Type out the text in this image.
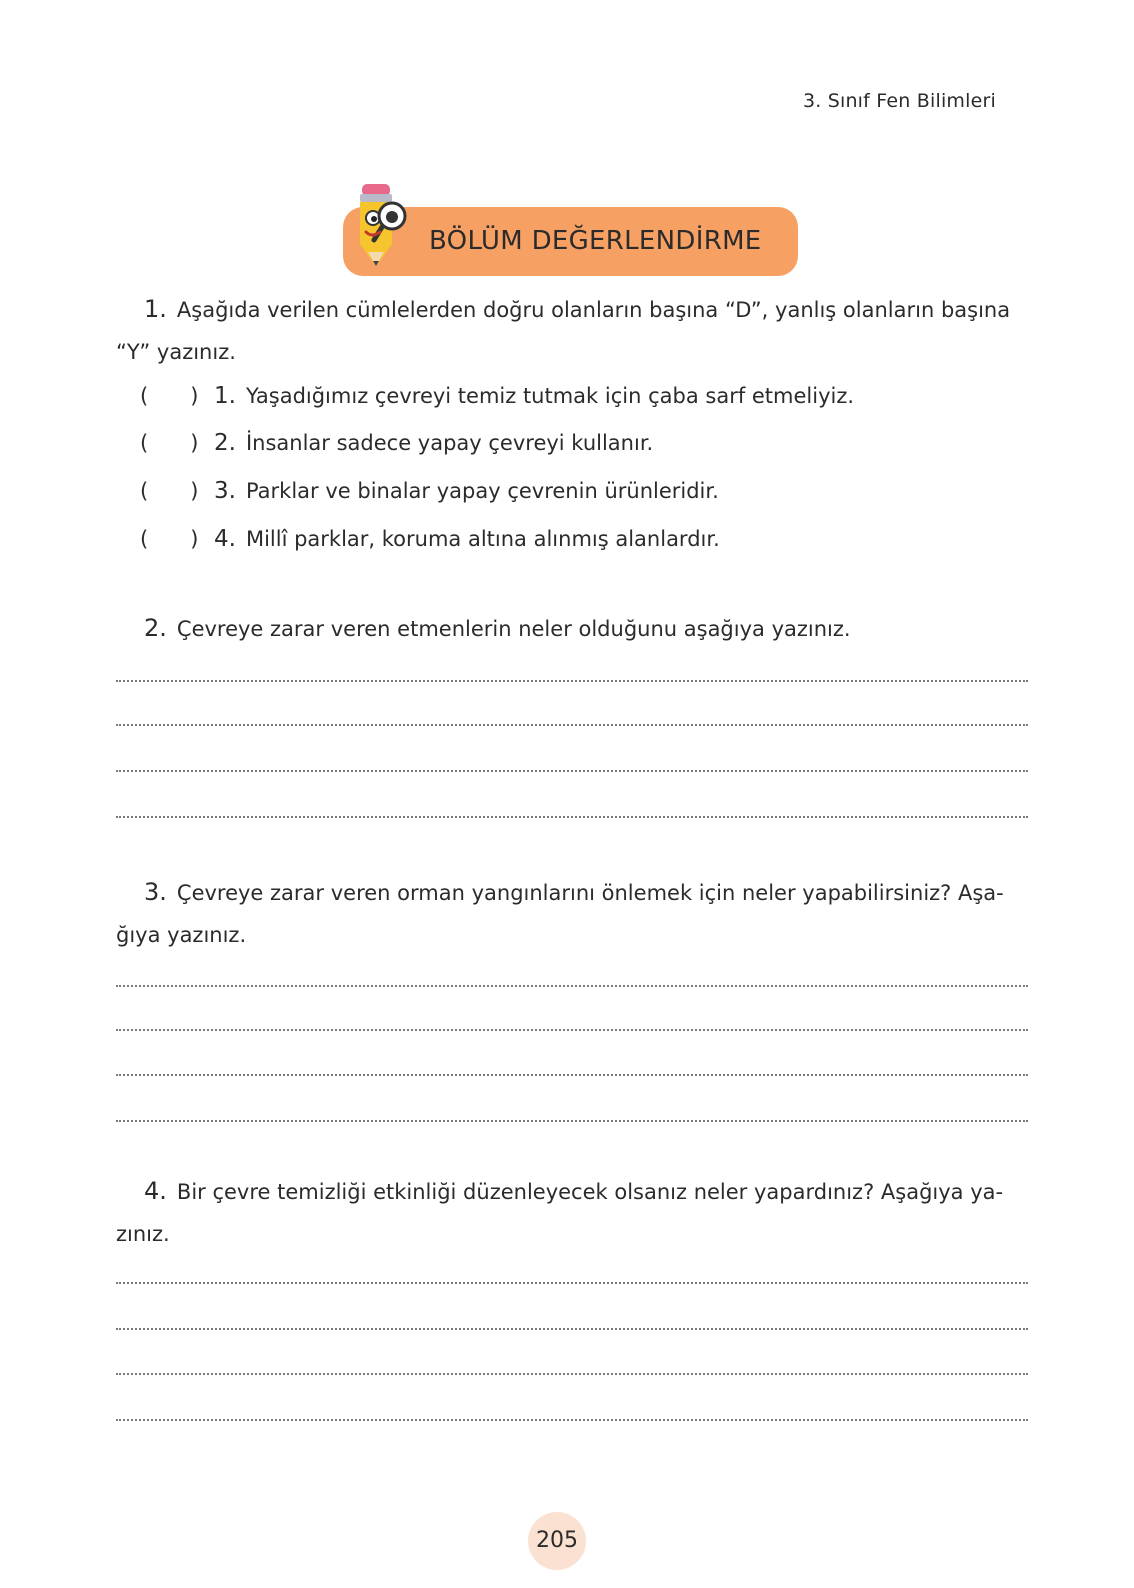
3. Sınıf Fen Bilimleri
BÖLÜM DEĞERLENDİRME
1. Aşağıda verilen cümlelerden doğru olanların başına “D”, yanlış olanların başına “Y” yazınız.
( ) 1. Yaşadığımız çevreyi temiz tutmak için çaba sarf etmeliyiz.
( ) 2. İnsanlar sadece yapay çevreyi kullanır.
( ) 3. Parklar ve binalar yapay çevrenin ürünleridir.
( ) 4. Millî parklar, koruma altına alınmış alanlardır.
2. Çevreye zarar veren etmenlerin neler olduğunu aşağıya yazınız.
3. Çevreye zarar veren orman yangınlarını önlemek için neler yapabilirsiniz? Aşa-ğıya yazınız.
4. Bir çevre temizliği etkinliği düzenleyecek olsanız neler yapardınız? Aşağıya ya-zınız.
205
